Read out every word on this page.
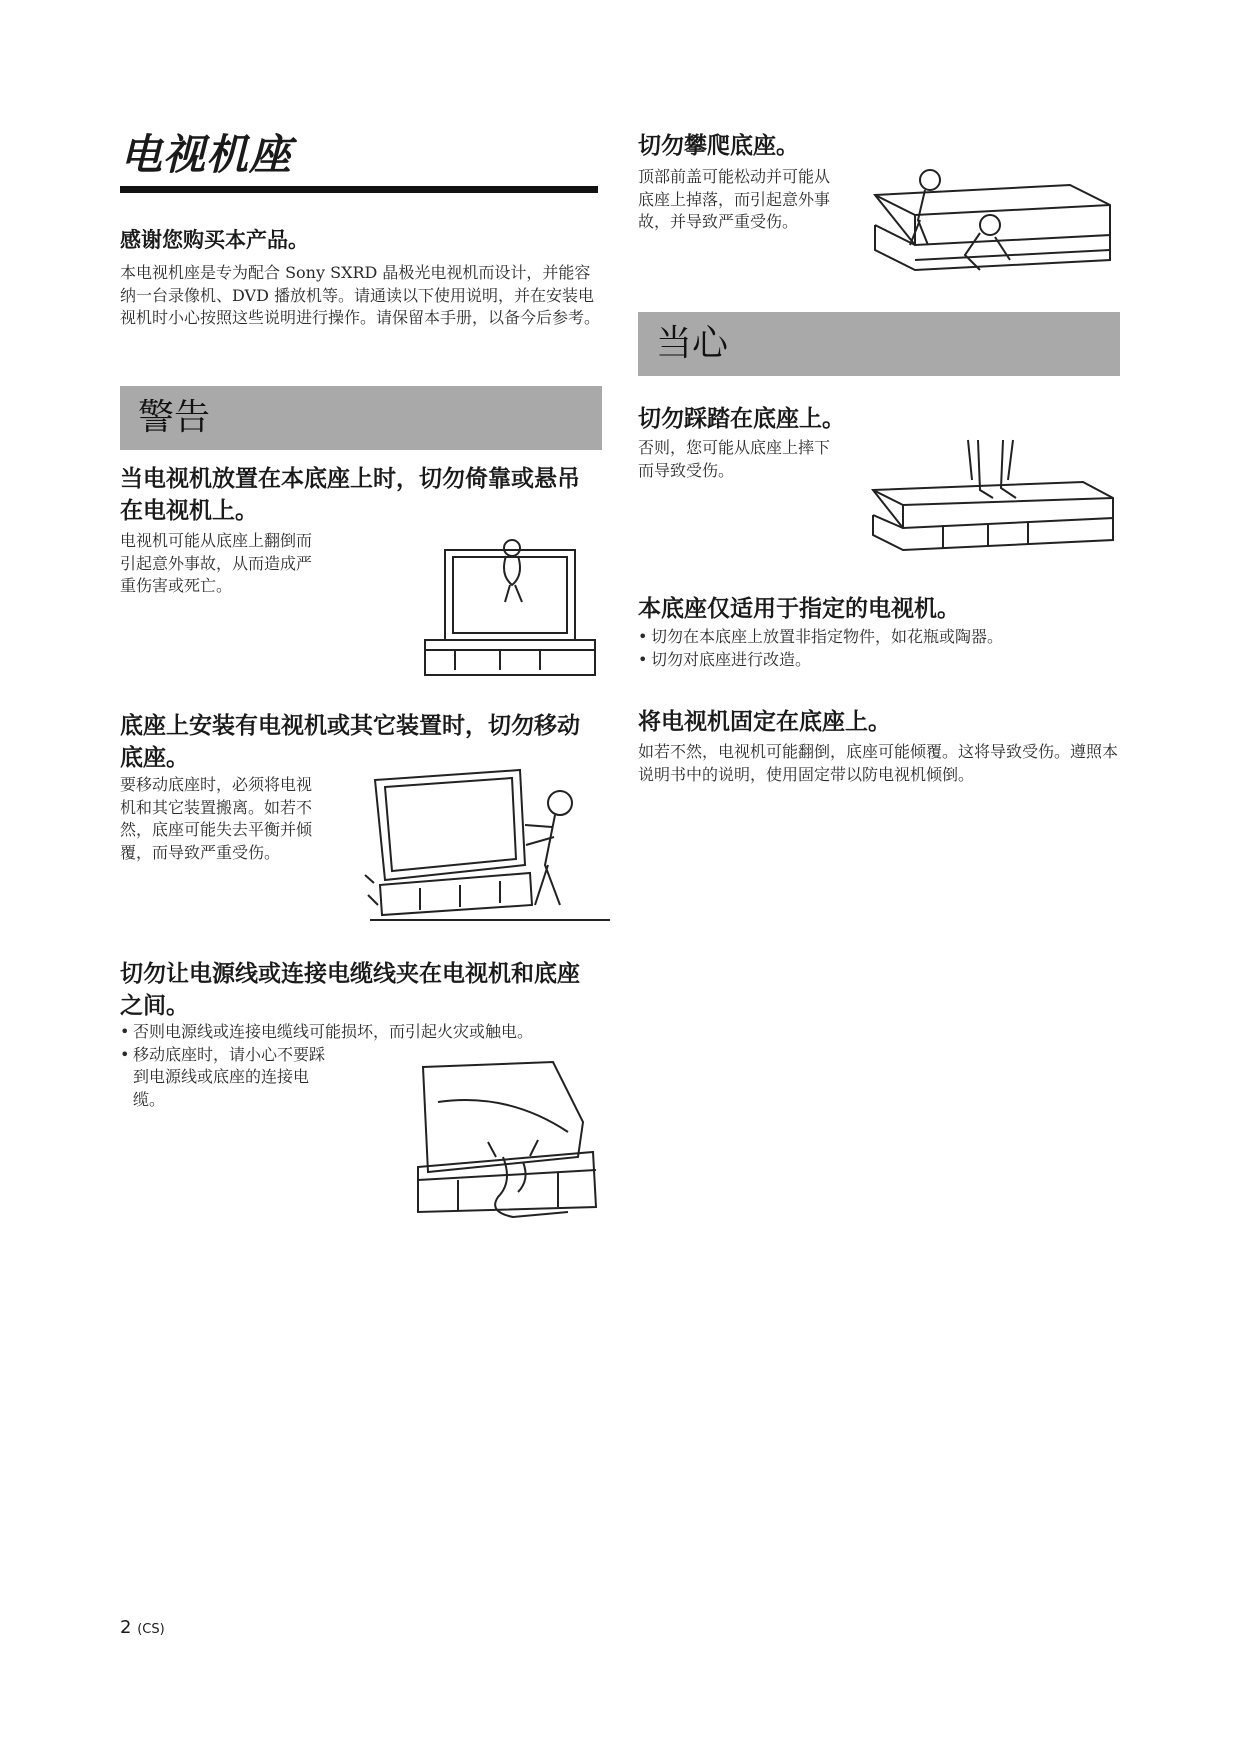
电视机座
感谢您购买本产品。
本电视机座是专为配合 Sony SXRD 晶极光电视机而设计，并能容纳一台录像机、DVD 播放机等。请通读以下使用说明，并在安装电视机时小心按照这些说明进行操作。请保留本手册，以备今后参考。
警告
当电视机放置在本底座上时，切勿倚靠或悬吊在电视机上。
电视机可能从底座上翻倒而引起意外事故，从而造成严重伤害或死亡。
底座上安装有电视机或其它装置时，切勿移动底座。
要移动底座时，必须将电视机和其它装置搬离。如若不然，底座可能失去平衡并倾覆，而导致严重受伤。
切勿让电源线或连接电缆线夹在电视机和底座之间。
• 否则电源线或连接电缆线可能损坏，而引起火灾或触电。
• 移动底座时，请小心不要踩到电源线或底座的连接电缆。
切勿攀爬底座。
顶部前盖可能松动并可能从底座上掉落，而引起意外事故，并导致严重受伤。
当心
切勿踩踏在底座上。
否则，您可能从底座上摔下而导致受伤。
本底座仅适用于指定的电视机。
• 切勿在本底座上放置非指定物件，如花瓶或陶器。
• 切勿对底座进行改造。
将电视机固定在底座上。
如若不然，电视机可能翻倒，底座可能倾覆。这将导致受伤。遵照本说明书中的说明，使用固定带以防电视机倾倒。
2 (CS)
